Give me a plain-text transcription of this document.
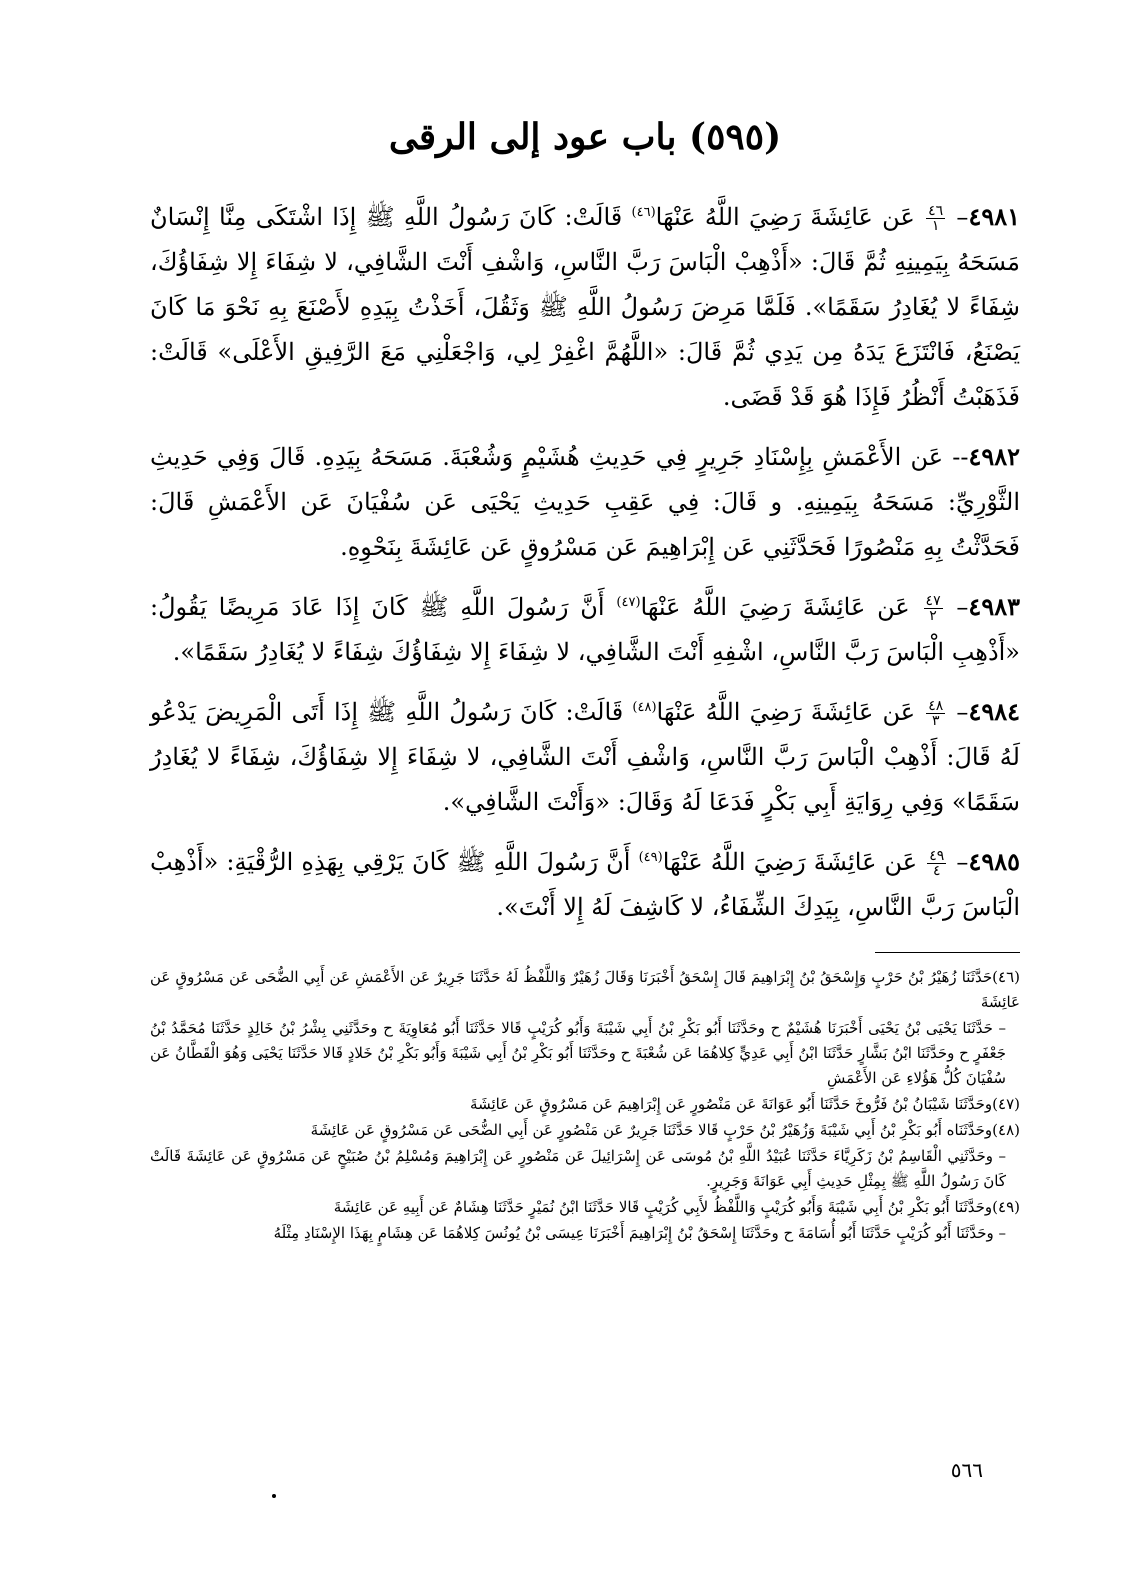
(٥٩٥) باب عود إلى الرقى

٤٩٨١–
$\frac{٤٦}{١}$
عَن عَائِشَةَ رَضِيَ اللَّهُ عَنْهَا$^{(٤٦)}$ قَالَتْ: كَانَ رَسُولُ اللَّهِ ﷺ إِذَا اشْتَكَى مِنَّا إِنْسَانٌ مَسَحَهُ بِيَمِينِهِ ثُمَّ قَالَ: «أَذْهِبْ الْبَاسَ رَبَّ النَّاسِ، وَاشْفِ أَنْتَ الشَّافِي، لا شِفَاءَ إِلا شِفَاؤُكَ، شِفَاءً لا يُغَادِرُ سَقَمًا». فَلَمَّا مَرِضَ رَسُولُ اللَّهِ ﷺ وَثَقُلَ، أَخَذْتُ بِيَدِهِ لأَصْنَعَ بِهِ نَحْوَ مَا كَانَ يَصْنَعُ، فَانْتَزَعَ يَدَهُ مِن يَدِي ثُمَّ قَالَ: «اللَّهُمَّ اغْفِرْ لِي، وَاجْعَلْنِي مَعَ الرَّفِيقِ الأَعْلَى» قَالَتْ: فَذَهَبْتُ أَنْظُرُ فَإِذَا هُوَ قَدْ قَضَى.

٤٩٨٢-- عَن الأَعْمَشِ بِإِسْنَادِ جَرِيرٍ فِي حَدِيثِ هُشَيْمٍ وَشُعْبَةَ. مَسَحَهُ بِيَدِهِ. قَالَ وَفِي حَدِيثِ الثَّوْرِيِّ: مَسَحَهُ بِيَمِينِهِ. و قَالَ: فِي عَقِبِ حَدِيثِ يَحْيَى عَن سُفْيَانَ عَن الأَعْمَشِ قَالَ: فَحَدَّثْتُ بِهِ مَنْصُورًا فَحَدَّثَنِي عَن إِبْرَاهِيمَ عَن مَسْرُوقٍ عَن عَائِشَةَ بِنَحْوِهِ.

٤٩٨٣–
$\frac{٤٧}{٢}$
عَن عَائِشَةَ رَضِيَ اللَّهُ عَنْهَا$^{(٤٧)}$ أَنَّ رَسُولَ اللَّهِ ﷺ كَانَ إِذَا عَادَ مَرِيضًا يَقُولُ: «أَذْهِبِ الْبَاسَ رَبَّ النَّاسِ، اشْفِهِ أَنْتَ الشَّافِي، لا شِفَاءَ إِلا شِفَاؤُكَ شِفَاءً لا يُغَادِرُ سَقَمًا».

٤٩٨٤–
$\frac{٤٨}{٣}$
عَن عَائِشَةَ رَضِيَ اللَّهُ عَنْهَا$^{(٤٨)}$ قَالَتْ: كَانَ رَسُولُ اللَّهِ ﷺ إِذَا أَتَى الْمَرِيضَ يَدْعُو لَهُ قَالَ: أَذْهِبْ الْبَاسَ رَبَّ النَّاسِ، وَاشْفِ أَنْتَ الشَّافِي، لا شِفَاءَ إِلا شِفَاؤُكَ، شِفَاءً لا يُغَادِرُ سَقَمًا» وَفِي رِوَايَةِ أَبِي بَكْرٍ فَدَعَا لَهُ وَقَالَ: «وَأَنْتَ الشَّافِي».

٤٩٨٥–
$\frac{٤٩}{٤}$
عَن عَائِشَةَ رَضِيَ اللَّهُ عَنْهَا$^{(٤٩)}$ أَنَّ رَسُولَ اللَّهِ ﷺ كَانَ يَرْقِي بِهَذِهِ الرُّقْيَةِ: «أَذْهِبْ الْبَاسَ رَبَّ النَّاسِ، بِيَدِكَ الشِّفَاءُ، لا كَاشِفَ لَهُ إِلا أَنْتَ».

(٤٦)حَدَّثَنَا زُهَيْرُ بْنُ حَرْبٍ وَإِسْحَقُ بْنُ إِبْرَاهِيمَ قَالَ إِسْحَقُ أَخْبَرَنَا وَقَالَ زُهَيْرٌ وَاللَّفْظُ لَهُ حَدَّثَنَا جَرِيرٌ عَن الأَعْمَشِ عَن أَبِي الضُّحَى عَن مَسْرُوقٍ عَن عَائِشَةَ

– حَدَّثَنَا يَحْيَى بْنُ يَحْيَى أَخْبَرَنَا هُشَيْمٌ ح وحَدَّثَنَا أَبُو بَكْرِ بْنُ أَبِي شَيْبَةَ وَأَبُو كُرَيْبٍ قَالا حَدَّثَنَا أَبُو مُعَاوِيَةَ ح وحَدَّثَنِي بِشْرُ بْنُ خَالِدٍ حَدَّثَنَا مُحَمَّدُ بْنُ جَعْفَرٍ ح وحَدَّثَنَا ابْنُ بَشَّارٍ حَدَّثَنَا ابْنُ أَبِي عَدِيٍّ كِلاهُمَا عَن شُعْبَةَ ح وحَدَّثَنَا أَبُو بَكْرِ بْنُ أَبِي شَيْبَةَ وَأَبُو بَكْرِ بْنُ خَلادٍ قَالا حَدَّثَنَا يَحْيَى وَهُوَ الْقَطَّانُ عَن سُفْيَانَ كُلُّ هَؤُلاءِ عَن الأَعْمَشِ

(٤٧)وحَدَّثَنَا شَيْبَانُ بْنُ فَرُّوخَ حَدَّثَنَا أَبُو عَوَانَةَ عَن مَنْصُورٍ عَن إِبْرَاهِيمَ عَن مَسْرُوقٍ عَن عَائِشَةَ

(٤٨)وحَدَّثَنَاه أَبُو بَكْرِ بْنُ أَبِي شَيْبَةَ وَزُهَيْرُ بْنُ حَرْبٍ قَالا حَدَّثَنَا جَرِيرٌ عَن مَنْصُورٍ عَن أَبِي الضُّحَى عَن مَسْرُوقٍ عَن عَائِشَةَ

– وحَدَّثَنِي الْقَاسِمُ بْنُ زَكَرِيَّاءَ حَدَّثَنَا عُبَيْدُ اللَّهِ بْنُ مُوسَى عَن إِسْرَائِيلَ عَن مَنْصُورٍ عَن إِبْرَاهِيمَ وَمُسْلِمُ بْنُ صُبَيْحٍ عَن مَسْرُوقٍ عَن عَائِشَةَ قَالَتْ كَانَ رَسُولُ اللَّهِ ﷺ بِمِثْلِ حَدِيثِ أَبِي عَوَانَةَ وَجَرِيرٍ.

(٤٩)وحَدَّثَنَا أَبُو بَكْرِ بْنُ أَبِي شَيْبَةَ وَأَبُو كُرَيْبٍ وَاللَّفْظُ لأَبِي كُرَيْبٍ قَالا حَدَّثَنَا ابْنُ نُمَيْرٍ حَدَّثَنَا هِشَامٌ عَن أَبِيهِ عَن عَائِشَةَ

– وحَدَّثَنَا أَبُو كُرَيْبٍ حَدَّثَنَا أَبُو أُسَامَةَ ح وحَدَّثَنَا إِسْحَقُ بْنُ إِبْرَاهِيمَ أَخْبَرَنَا عِيسَى بْنُ يُونُسَ كِلاهُمَا عَن هِشَامٍ بِهَذَا الإِسْنَادِ مِثْلَهُ

٥٦٦
